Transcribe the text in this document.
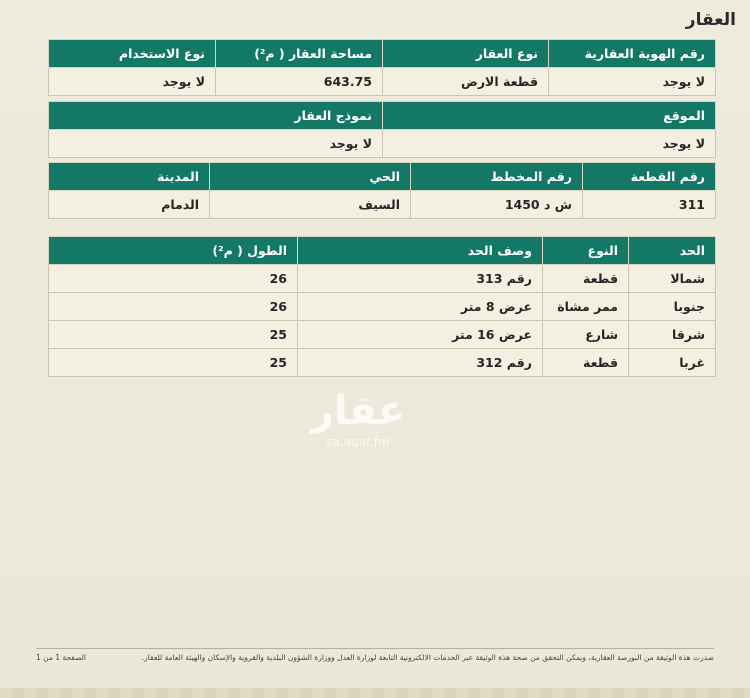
العقار
رقم الهوية العقارية	نوع العقار	مساحة العقار ( م²)	نوع الاستخدام
لا يوجد	قطعة الارض	643.75	لا يوجد
الموقع	نموذج العقار
لا يوجد	لا يوجد
رقم القطعة	رقم المخطط	الحي	المدينة
311	ش د 1450	السيف	الدمام
الحد	النوع	وصف الحد	الطول ( م²)
شمالا	قطعة	رقم 313	26
جنوبا	ممر مشاة	عرض 8 متر	26
شرقا	شارع	عرض 16 متر	25
غربا	قطعة	رقم 312	25
عقار
sa.aqar.fm
صدرت هذة الوثيقة من البورصة العقارية، ويمكن التحقق من صحة هذة الوثيقة عبر الخدمات الالكترونية التابعة لوزارة العدل ووزارة الشؤون البلدية والقروية والإسكان والهيئة العامة للعقار.
الصفحة 1 من 1
